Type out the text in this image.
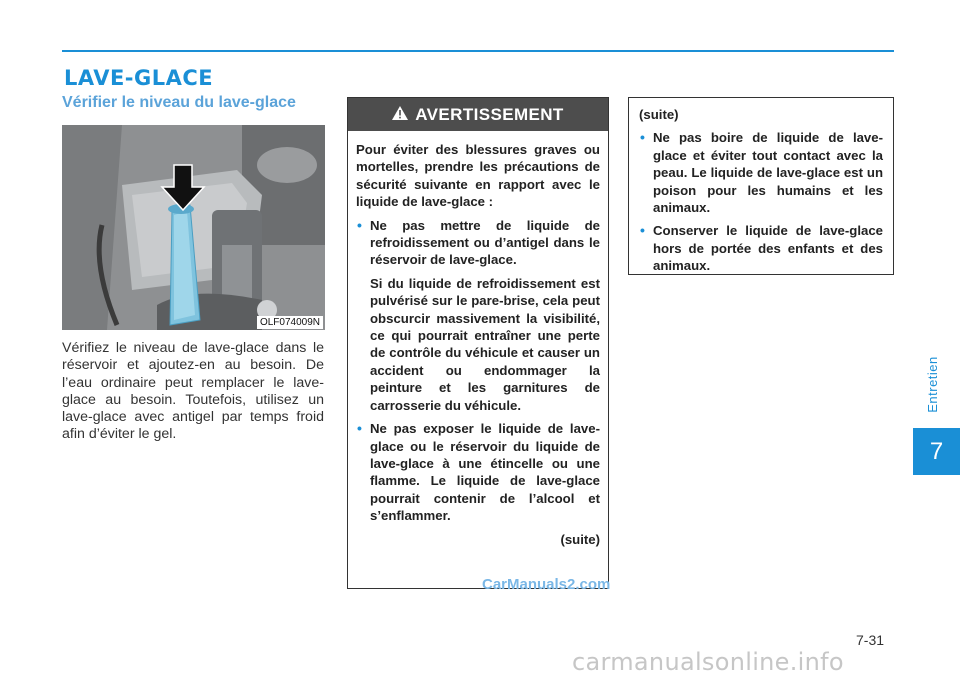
LAVE-GLACE
Vérifier le niveau du lave-glace
OLF074009N

Vérifiez le niveau de lave-glace dans le réservoir et ajoutez-en au besoin. De l’eau ordinaire peut remplacer le lave-glace au besoin. Toutefois, utilisez un lave-glace avec antigel par temps froid afin d’éviter le gel.

AVERTISSEMENT

Pour éviter des blessures graves ou mortelles, prendre les précautions de sécurité suivante en rapport avec le liquide de lave-glace :

• Ne pas mettre de liquide de refroidissement ou d’antigel dans le réservoir de lave-glace.

Si du liquide de refroidissement est pulvérisé sur le pare-brise, cela peut obscurcir massivement la visibilité, ce qui pourrait entraîner une perte de contrôle du véhicule et causer un accident ou endommager la peinture et les garnitures de carrosserie du véhicule.

• Ne pas exposer le liquide de lave-glace ou le réservoir du liquide de lave-glace à une étincelle ou une flamme. Le liquide de lave-glace pourrait contenir de l’alcool et s’enflammer.

(suite)

(suite)

• Ne pas boire de liquide de lave-glace et éviter tout contact avec la peau. Le liquide de lave-glace est un poison pour les humains et les animaux.

• Conserver le liquide de lave-glace hors de portée des enfants et des animaux.

Entretien
7
7-31
CarManuals2.com
carmanualsonline.info
